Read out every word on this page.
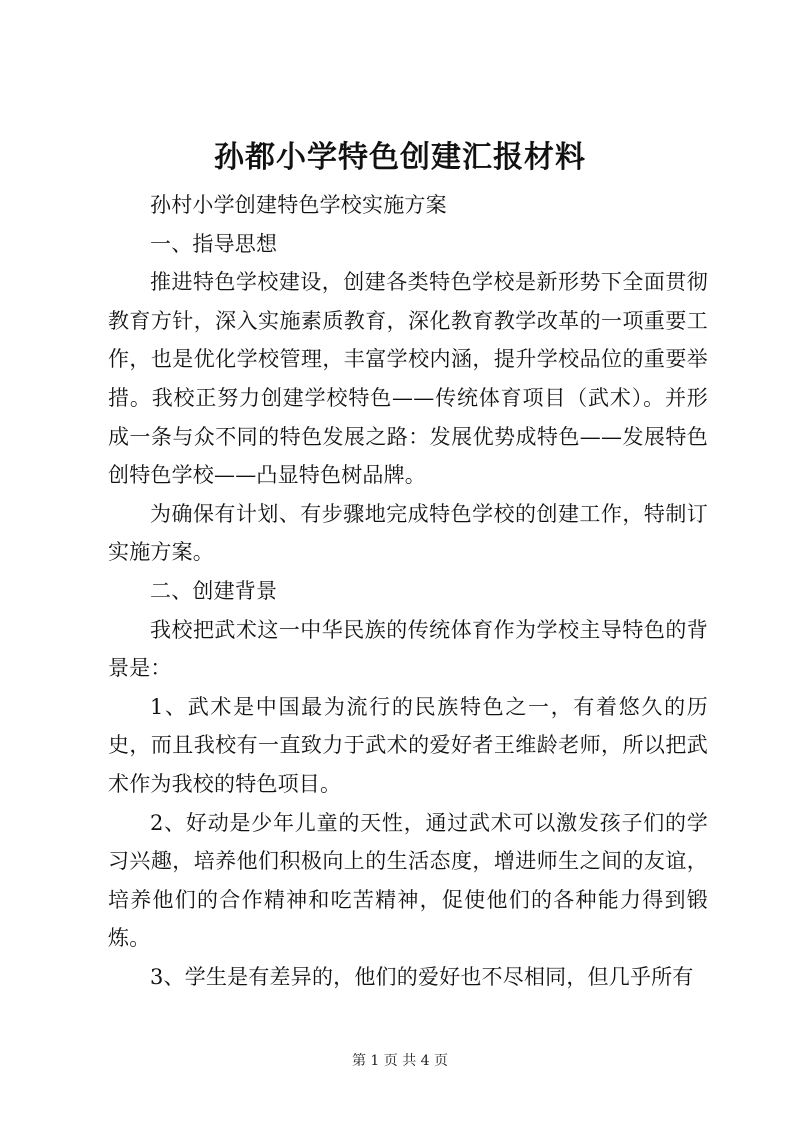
孙都小学特色创建汇报材料

孙村小学创建特色学校实施方案

一、指导思想

推进特色学校建设，创建各类特色学校是新形势下全面贯彻教育方针，深入实施素质教育，深化教育教学改革的一项重要工作，也是优化学校管理，丰富学校内涵，提升学校品位的重要举措。我校正努力创建学校特色——传统体育项目（武术）。并形成一条与众不同的特色发展之路：发展优势成特色——发展特色创特色学校——凸显特色树品牌。

为确保有计划、有步骤地完成特色学校的创建工作，特制订实施方案。

二、创建背景

我校把武术这一中华民族的传统体育作为学校主导特色的背景是：

1、武术是中国最为流行的民族特色之一，有着悠久的历史，而且我校有一直致力于武术的爱好者王维龄老师，所以把武术作为我校的特色项目。

2、好动是少年儿童的天性，通过武术可以激发孩子们的学习兴趣，培养他们积极向上的生活态度，增进师生之间的友谊，培养他们的合作精神和吃苦精神，促使他们的各种能力得到锻炼。

3、学生是有差异的，他们的爱好也不尽相同，但几乎所有

第 1 页 共 4 页
